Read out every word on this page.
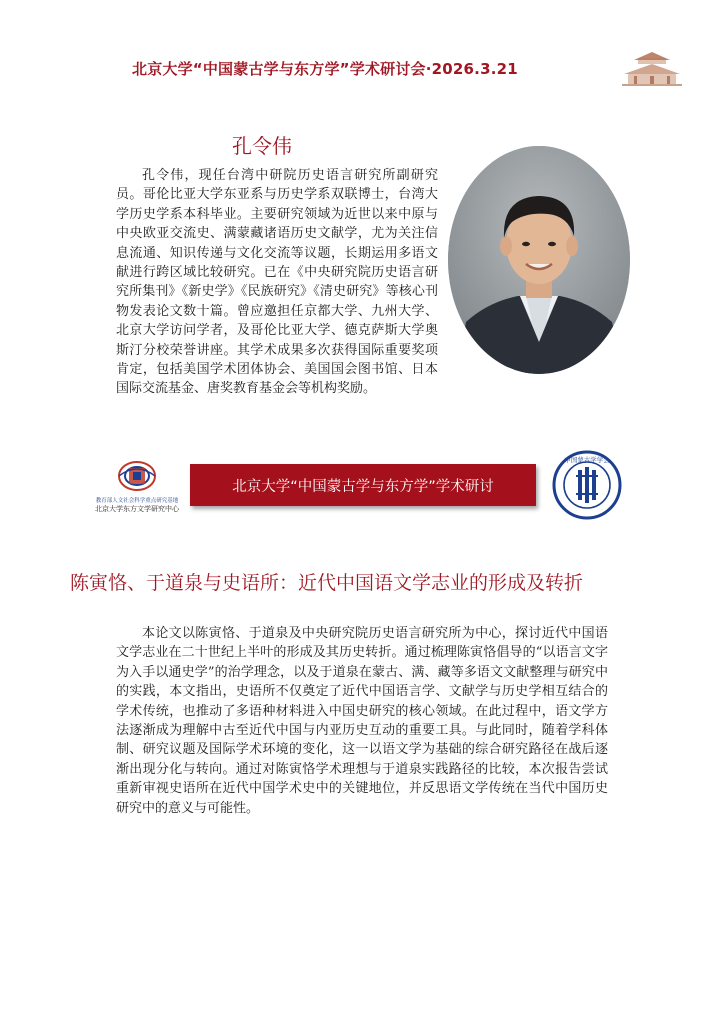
北京大学“中国蒙古学与东方学”学术研讨会·2026.3.21
孔令伟
孔令伟，现任台湾中研院历史语言研究所副研究员。哥伦比亚大学东亚系与历史学系双联博士，台湾大学历史学系本科毕业。主要研究领域为近世以来中原与中央欧亚交流史、满蒙藏诸语历史文献学，尤为关注信息流通、知识传递与文化交流等议题，长期运用多语文献进行跨区域比较研究。已在《中央研究院历史语言研究所集刊》《新史学》《民族研究》《清史研究》等核心刊物发表论文数十篇。曾应邀担任京都大学、九州大学、北京大学访问学者，及哥伦比亚大学、德克萨斯大学奥斯汀分校荣誉讲座。其学术成果多次获得国际重要奖项肯定，包括美国学术团体协会、美国国会图书馆、日本国际交流基金、唐奖教育基金会等机构奖励。
教育部人文社会科学重点研究基地
北京大学东方文学研究中心
北京大学“中国蒙古学与东方学”学术研讨
中国蒙古学学会
陈寅恪、于道泉与史语所：近代中国语文学志业的形成及转折
本论文以陈寅恪、于道泉及中央研究院历史语言研究所为中心，探讨近代中国语文学志业在二十世纪上半叶的形成及其历史转折。通过梳理陈寅恪倡导的“以语言文字为入手以通史学”的治学理念，以及于道泉在蒙古、满、藏等多语文文献整理与研究中的实践，本文指出，史语所不仅奠定了近代中国语言学、文献学与历史学相互结合的学术传统，也推动了多语种材料进入中国史研究的核心领域。在此过程中，语文学方法逐渐成为理解中古至近代中国与内亚历史互动的重要工具。与此同时，随着学科体制、研究议题及国际学术环境的变化，这一以语文学为基础的综合研究路径在战后逐渐出现分化与转向。通过对陈寅恪学术理想与于道泉实践路径的比较，本次报告尝试重新审视史语所在近代中国学术史中的关键地位，并反思语文学传统在当代中国历史研究中的意义与可能性。
